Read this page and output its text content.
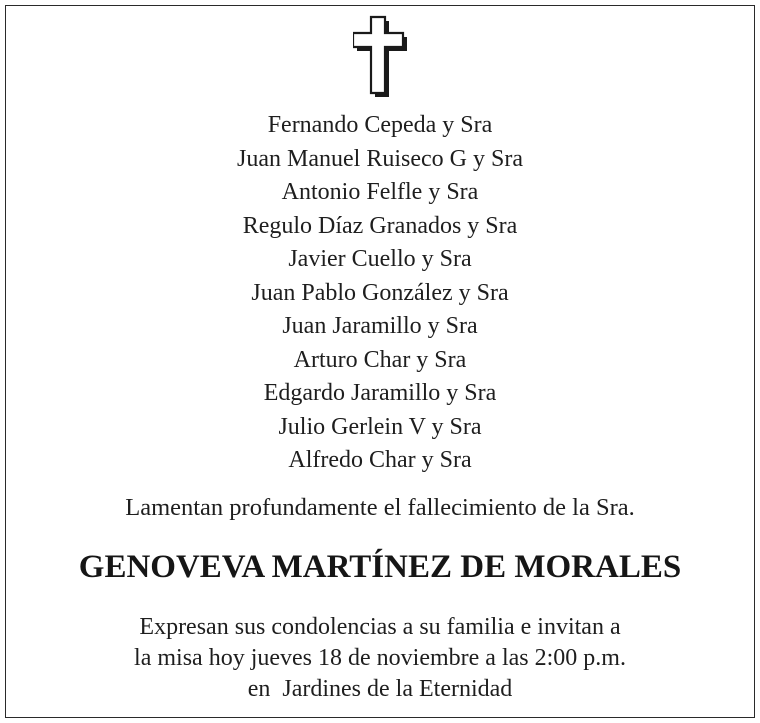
Fernando Cepeda y Sra
Juan Manuel Ruiseco G y Sra
Antonio Felfle y Sra
Regulo Díaz Granados y Sra
Javier Cuello y Sra
Juan Pablo González y Sra
Juan Jaramillo y Sra
Arturo Char y Sra
Edgardo Jaramillo y Sra
Julio Gerlein V y Sra
Alfredo Char y Sra
Lamentan profundamente el fallecimiento de la Sra.
GENOVEVA MARTÍNEZ DE MORALES
Expresan sus condolencias a su familia e invitan a
la misa hoy jueves 18 de noviembre a las 2:00 p.m.
en  Jardines de la Eternidad
